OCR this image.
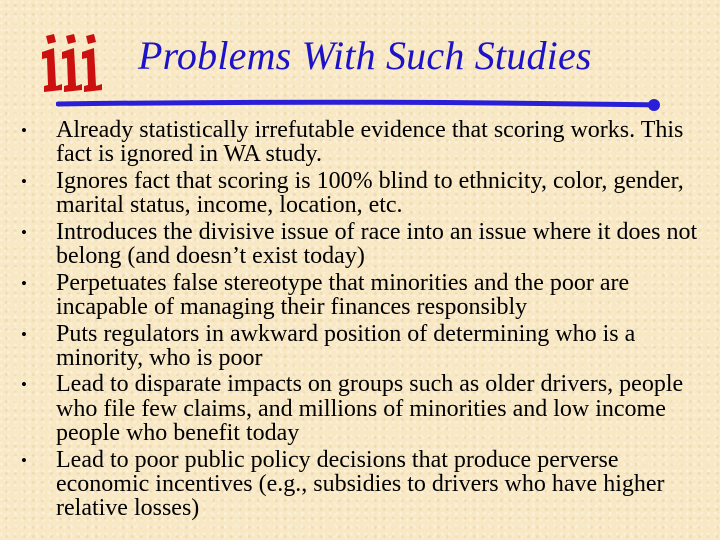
Problems With Such Studies
• Already statistically irrefutable evidence that scoring works. This fact is ignored in WA study.
• Ignores fact that scoring is 100% blind to ethnicity, color, gender, marital status, income, location, etc.
• Introduces the divisive issue of race into an issue where it does not belong (and doesn’t exist today)
• Perpetuates false stereotype that minorities and the poor are incapable of managing their finances responsibly
• Puts regulators in awkward position of determining who is a minority, who is poor
• Lead to disparate impacts on groups such as older drivers, people who file few claims, and millions of minorities and low income people who benefit today
• Lead to poor public policy decisions that produce perverse economic incentives (e.g., subsidies to drivers who have higher relative losses)
